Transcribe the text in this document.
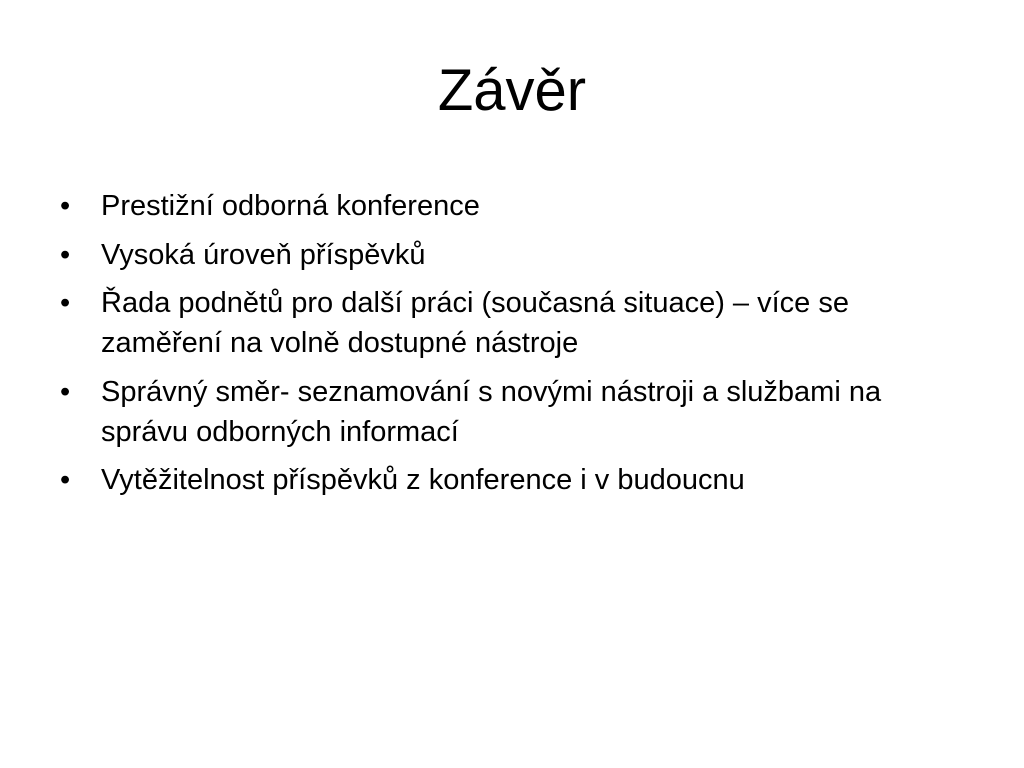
Závěr
• Prestižní odborná konference
• Vysoká úroveň příspěvků
• Řada podnětů pro další práci (současná situace) – více se zaměření na volně dostupné nástroje
• Správný směr- seznamování s novými nástroji a službami na správu odborných informací
• Vytěžitelnost příspěvků z konference i v budoucnu
